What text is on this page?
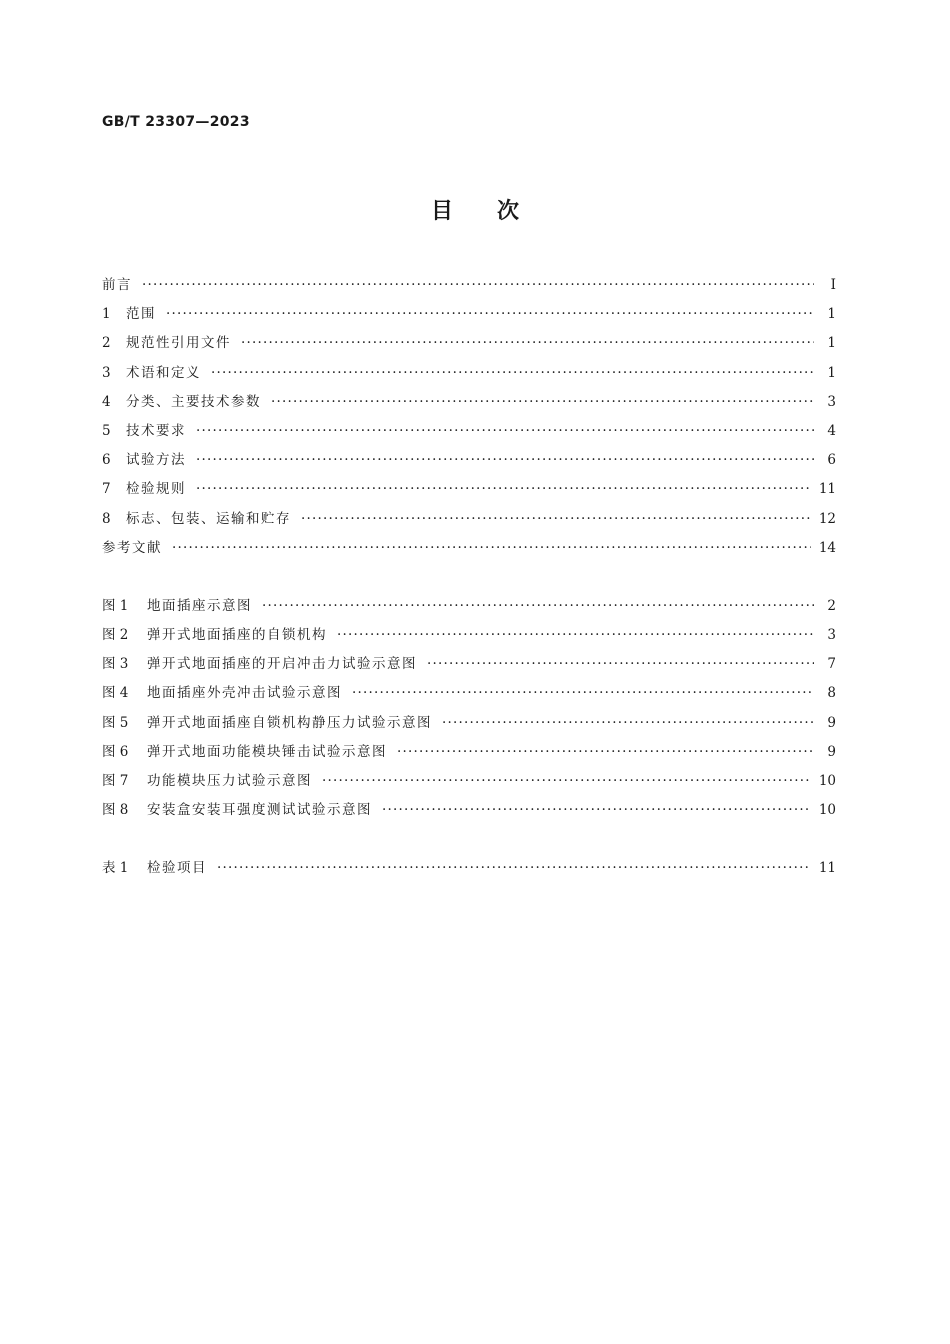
GB/T 23307—2023
目次
前言 ·····	Ⅰ
1	范围 ·····	1
2	规范性引用文件 ·····	1
3	术语和定义 ·····	1
4	分类、主要技术参数 ·····	3
5	技术要求 ·····	4
6	试验方法 ·····	6
7	检验规则 ·····	11
8	标志、包装、运输和贮存 ·····	12
参考文献 ·····	14
图 1	地面插座示意图 ·····	2
图 2	弹开式地面插座的自锁机构 ·····	3
图 3	弹开式地面插座的开启冲击力试验示意图 ·····	7
图 4	地面插座外壳冲击试验示意图 ·····	8
图 5	弹开式地面插座自锁机构静压力试验示意图 ·····	9
图 6	弹开式地面功能模块锤击试验示意图 ·····	9
图 7	功能模块压力试验示意图 ·····	10
图 8	安装盒安装耳强度测试试验示意图 ·····	10
表 1	检验项目 ·····	11
